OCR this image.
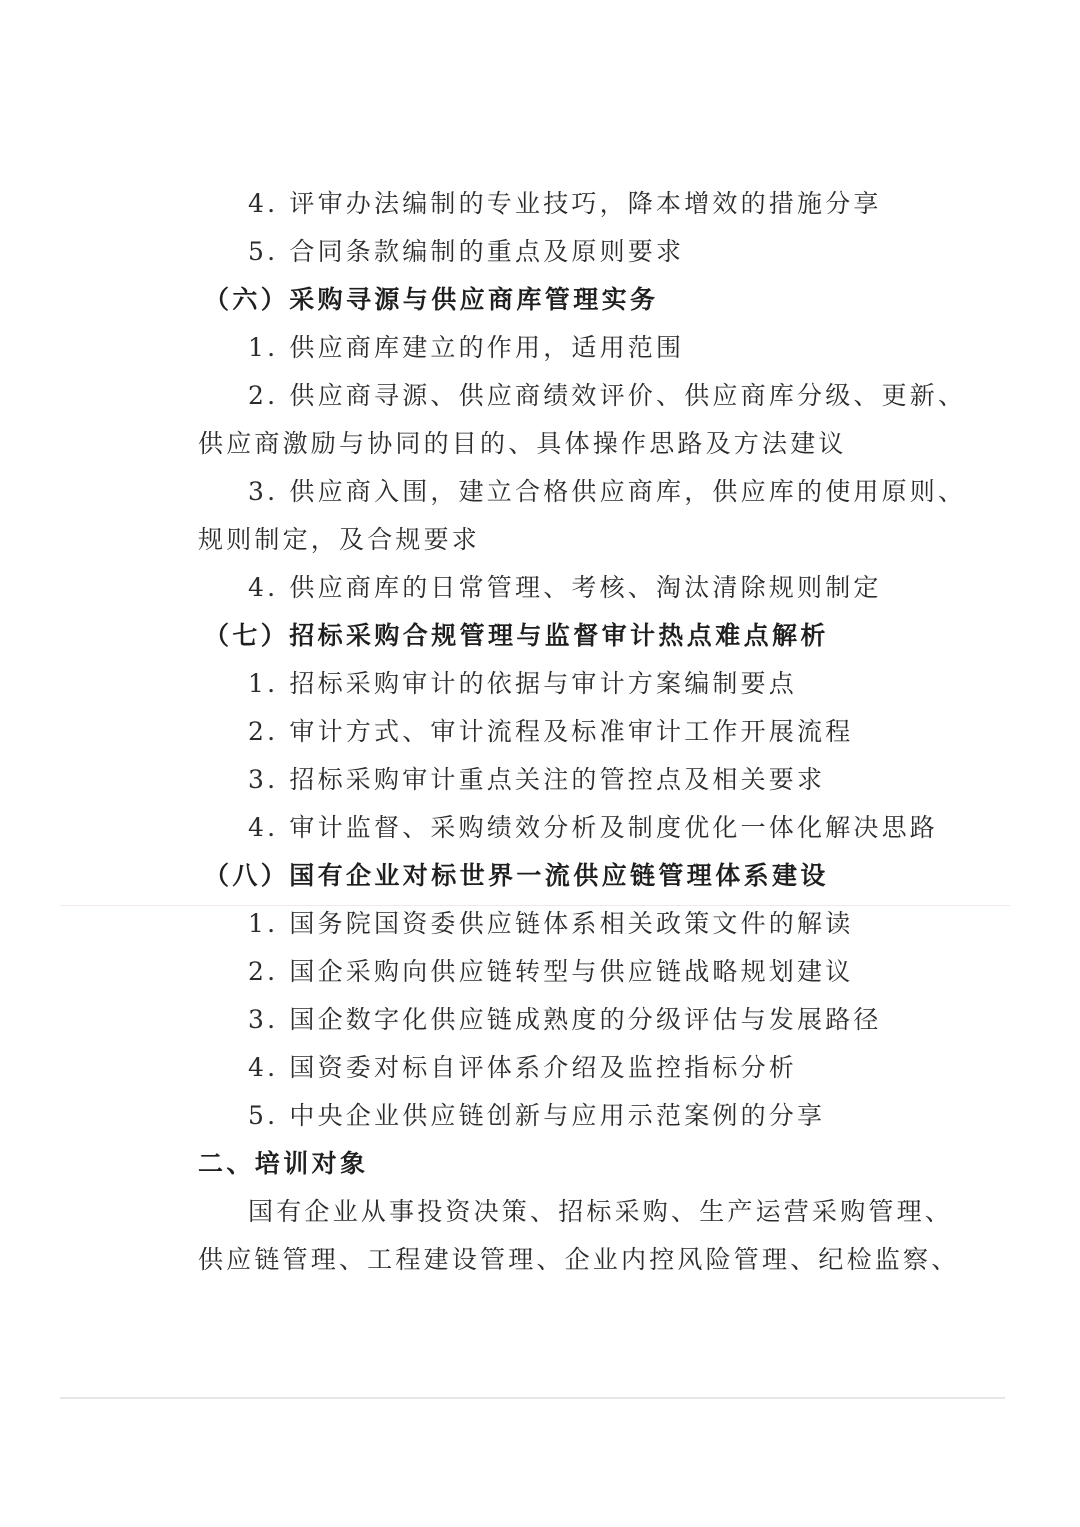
4. 评审办法编制的专业技巧，降本增效的措施分享
5. 合同条款编制的重点及原则要求
（六）采购寻源与供应商库管理实务
1. 供应商库建立的作用，适用范围
2. 供应商寻源、供应商绩效评价、供应商库分级、更新、
供应商激励与协同的目的、具体操作思路及方法建议
3. 供应商入围，建立合格供应商库，供应库的使用原则、
规则制定，及合规要求
4. 供应商库的日常管理、考核、淘汰清除规则制定
（七）招标采购合规管理与监督审计热点难点解析
1. 招标采购审计的依据与审计方案编制要点
2. 审计方式、审计流程及标准审计工作开展流程
3. 招标采购审计重点关注的管控点及相关要求
4. 审计监督、采购绩效分析及制度优化一体化解决思路
（八）国有企业对标世界一流供应链管理体系建设
1. 国务院国资委供应链体系相关政策文件的解读
2. 国企采购向供应链转型与供应链战略规划建议
3. 国企数字化供应链成熟度的分级评估与发展路径
4. 国资委对标自评体系介绍及监控指标分析
5. 中央企业供应链创新与应用示范案例的分享
二、培训对象
国有企业从事投资决策、招标采购、生产运营采购管理、
供应链管理、工程建设管理、企业内控风险管理、纪检监察、
